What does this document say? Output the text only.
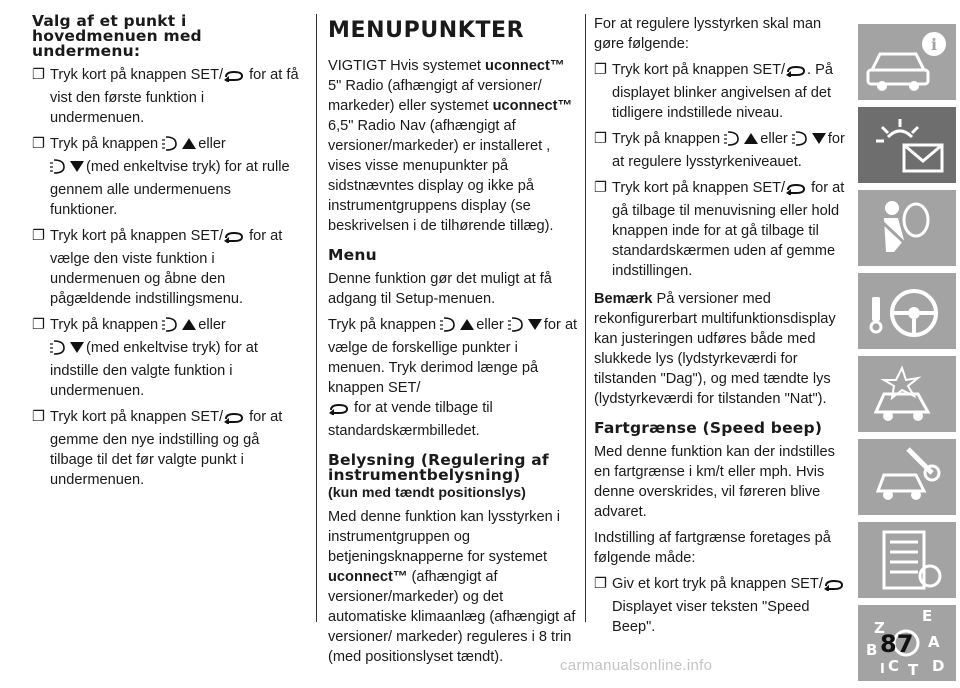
Valg af et punkt i hovedmenuen med undermenu:
❐ Tryk kort på knappen SET/ for at få vist den første funktion i undermenuen.
❐ Tryk på knappen eller
(med enkeltvise tryk) for at rulle gennem alle undermenuens funktioner.
❐ Tryk kort på knappen SET/ for at vælge den viste funktion i undermenuen og åbne den pågældende indstillingsmenu.
❐ Tryk på knappen eller
(med enkeltvise tryk) for at indstille den valgte funktion i undermenuen.
❐ Tryk kort på knappen SET/ for at gemme den nye indstilling og gå tilbage til det før valgte punkt i undermenuen.
MENUPUNKTER

VIGTIGT Hvis systemet uconnect™ 5" Radio (afhængigt af versioner/ markeder) eller systemet uconnect™ 6,5" Radio Nav (afhængigt af versioner/markeder) er installeret , vises visse menupunkter på sidstnævntes display og ikke på instrumentgruppens display (se beskrivelsen i de tilhørende tillæg).

Menu

Denne funktion gør det muligt at få adgang til Setup-menuen.

Tryk på knappen eller for at vælge de forskellige punkter i menuen. Tryk derimod længe på knappen SET/
for at vende tilbage til standardskærmbilledet.

Belysning (Regulering af instrumentbelysning)
(kun med tændt positionslys)

Med denne funktion kan lysstyrken i instrumentgruppen og betjeningsknapperne for systemet uconnect™ (afhængigt af versioner/markeder) og det automatiske klimaanlæg (afhængigt af versioner/ markeder) reguleres i 8 trin (med positionslyset tændt).

For at regulere lysstyrken skal man gøre følgende:

❐ Tryk kort på knappen SET/ . På displayet blinker angivelsen af det tidligere indstillede niveau.
❐ Tryk på knappen eller for at regulere lysstyrkeniveauet.
❐ Tryk kort på knappen SET/ for at gå tilbage til menuvisning eller hold knappen inde for at gå tilbage til standardskærmen uden af gemme indstillingen.

Bemærk På versioner med rekonfigurerbart multifunktionsdisplay kan justeringen udføres både med slukkede lys (lydstyrkeværdi for tilstanden "Dag"), og med tændte lys (lydstyrkeværdi for tilstanden "Nat").

Fartgrænse (Speed beep)

Med denne funktion kan der indstilles en fartgrænse i km/t eller mph. Hvis denne overskrides, vil føreren blive advaret.

Indstilling af fartgrænse foretages på følgende måde:

❐ Giv et kort tryk på knappen SET/ Displayet viser teksten "Speed Beep".
i
Z
E
A
B
C T D
I
87
carmanualsonline.info
